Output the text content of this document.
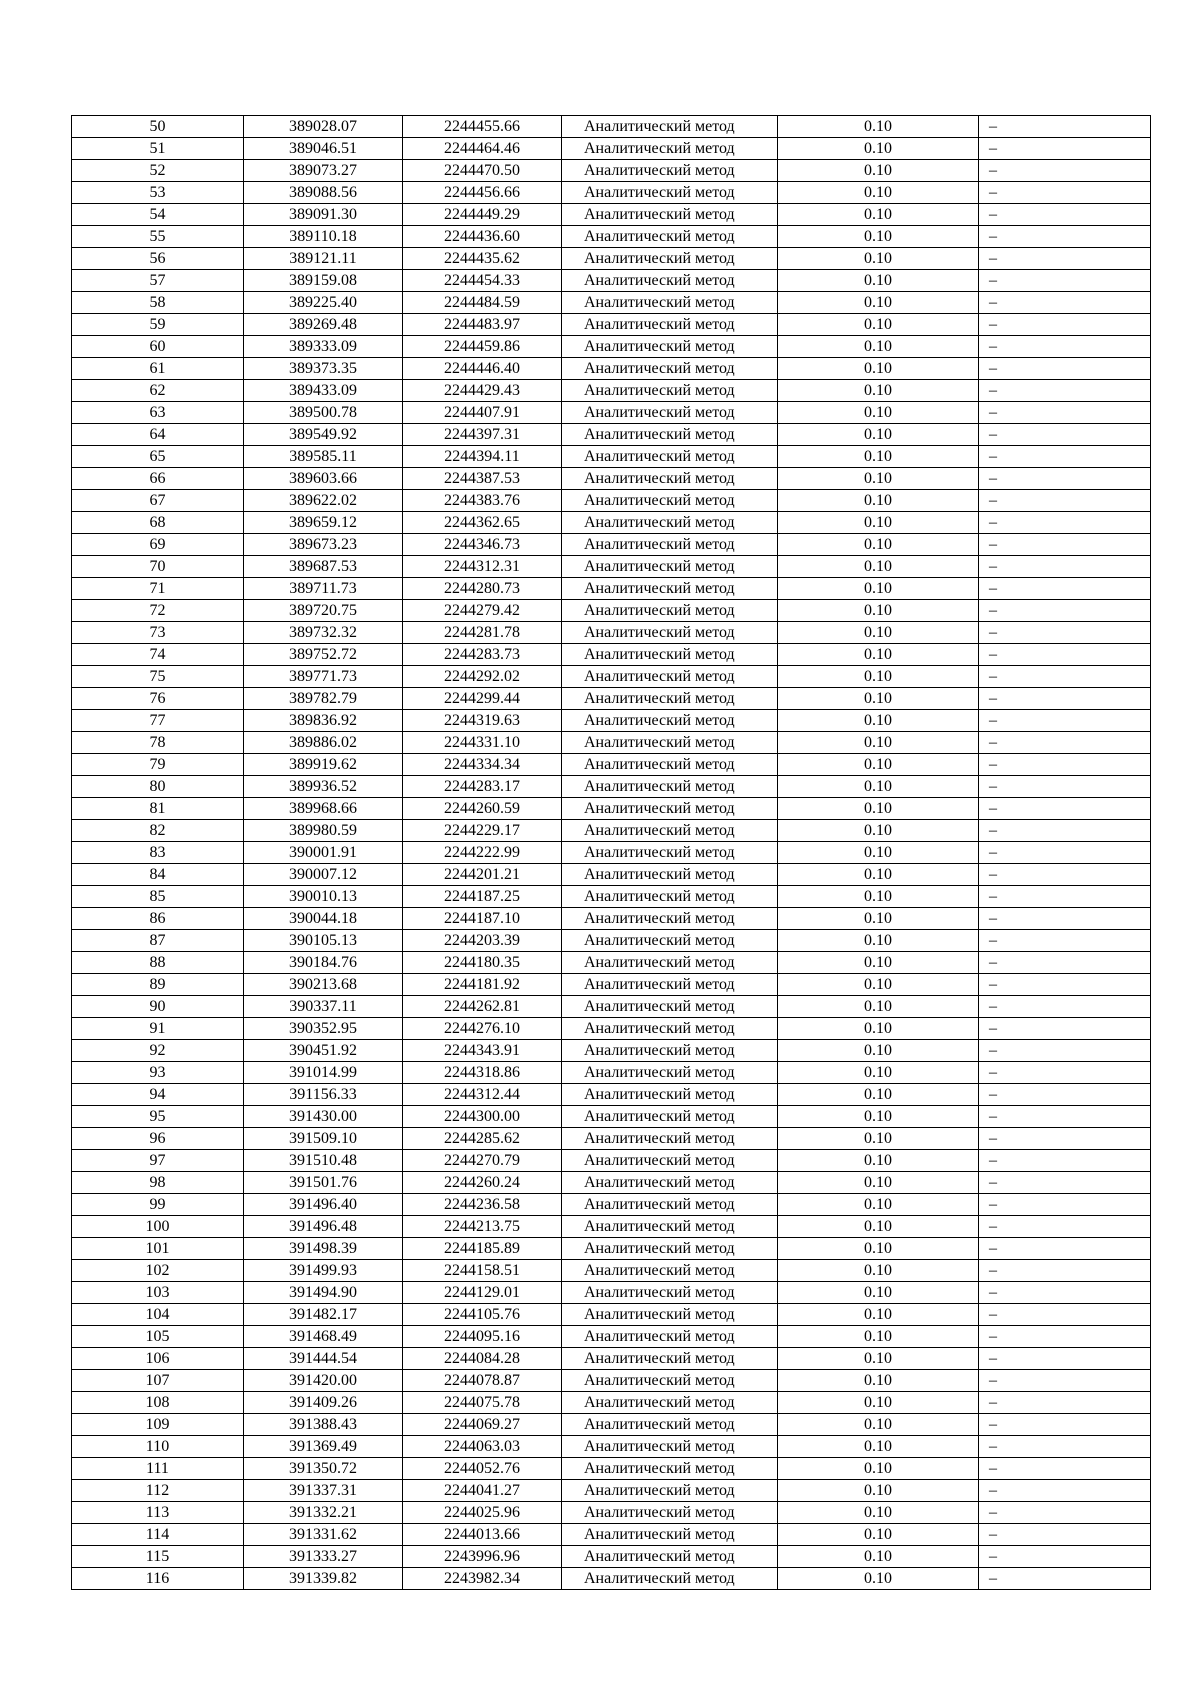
50	389028.07	2244455.66	Аналитический метод	0.10	–
51	389046.51	2244464.46	Аналитический метод	0.10	–
52	389073.27	2244470.50	Аналитический метод	0.10	–
53	389088.56	2244456.66	Аналитический метод	0.10	–
54	389091.30	2244449.29	Аналитический метод	0.10	–
55	389110.18	2244436.60	Аналитический метод	0.10	–
56	389121.11	2244435.62	Аналитический метод	0.10	–
57	389159.08	2244454.33	Аналитический метод	0.10	–
58	389225.40	2244484.59	Аналитический метод	0.10	–
59	389269.48	2244483.97	Аналитический метод	0.10	–
60	389333.09	2244459.86	Аналитический метод	0.10	–
61	389373.35	2244446.40	Аналитический метод	0.10	–
62	389433.09	2244429.43	Аналитический метод	0.10	–
63	389500.78	2244407.91	Аналитический метод	0.10	–
64	389549.92	2244397.31	Аналитический метод	0.10	–
65	389585.11	2244394.11	Аналитический метод	0.10	–
66	389603.66	2244387.53	Аналитический метод	0.10	–
67	389622.02	2244383.76	Аналитический метод	0.10	–
68	389659.12	2244362.65	Аналитический метод	0.10	–
69	389673.23	2244346.73	Аналитический метод	0.10	–
70	389687.53	2244312.31	Аналитический метод	0.10	–
71	389711.73	2244280.73	Аналитический метод	0.10	–
72	389720.75	2244279.42	Аналитический метод	0.10	–
73	389732.32	2244281.78	Аналитический метод	0.10	–
74	389752.72	2244283.73	Аналитический метод	0.10	–
75	389771.73	2244292.02	Аналитический метод	0.10	–
76	389782.79	2244299.44	Аналитический метод	0.10	–
77	389836.92	2244319.63	Аналитический метод	0.10	–
78	389886.02	2244331.10	Аналитический метод	0.10	–
79	389919.62	2244334.34	Аналитический метод	0.10	–
80	389936.52	2244283.17	Аналитический метод	0.10	–
81	389968.66	2244260.59	Аналитический метод	0.10	–
82	389980.59	2244229.17	Аналитический метод	0.10	–
83	390001.91	2244222.99	Аналитический метод	0.10	–
84	390007.12	2244201.21	Аналитический метод	0.10	–
85	390010.13	2244187.25	Аналитический метод	0.10	–
86	390044.18	2244187.10	Аналитический метод	0.10	–
87	390105.13	2244203.39	Аналитический метод	0.10	–
88	390184.76	2244180.35	Аналитический метод	0.10	–
89	390213.68	2244181.92	Аналитический метод	0.10	–
90	390337.11	2244262.81	Аналитический метод	0.10	–
91	390352.95	2244276.10	Аналитический метод	0.10	–
92	390451.92	2244343.91	Аналитический метод	0.10	–
93	391014.99	2244318.86	Аналитический метод	0.10	–
94	391156.33	2244312.44	Аналитический метод	0.10	–
95	391430.00	2244300.00	Аналитический метод	0.10	–
96	391509.10	2244285.62	Аналитический метод	0.10	–
97	391510.48	2244270.79	Аналитический метод	0.10	–
98	391501.76	2244260.24	Аналитический метод	0.10	–
99	391496.40	2244236.58	Аналитический метод	0.10	–
100	391496.48	2244213.75	Аналитический метод	0.10	–
101	391498.39	2244185.89	Аналитический метод	0.10	–
102	391499.93	2244158.51	Аналитический метод	0.10	–
103	391494.90	2244129.01	Аналитический метод	0.10	–
104	391482.17	2244105.76	Аналитический метод	0.10	–
105	391468.49	2244095.16	Аналитический метод	0.10	–
106	391444.54	2244084.28	Аналитический метод	0.10	–
107	391420.00	2244078.87	Аналитический метод	0.10	–
108	391409.26	2244075.78	Аналитический метод	0.10	–
109	391388.43	2244069.27	Аналитический метод	0.10	–
110	391369.49	2244063.03	Аналитический метод	0.10	–
111	391350.72	2244052.76	Аналитический метод	0.10	–
112	391337.31	2244041.27	Аналитический метод	0.10	–
113	391332.21	2244025.96	Аналитический метод	0.10	–
114	391331.62	2244013.66	Аналитический метод	0.10	–
115	391333.27	2243996.96	Аналитический метод	0.10	–
116	391339.82	2243982.34	Аналитический метод	0.10	–
